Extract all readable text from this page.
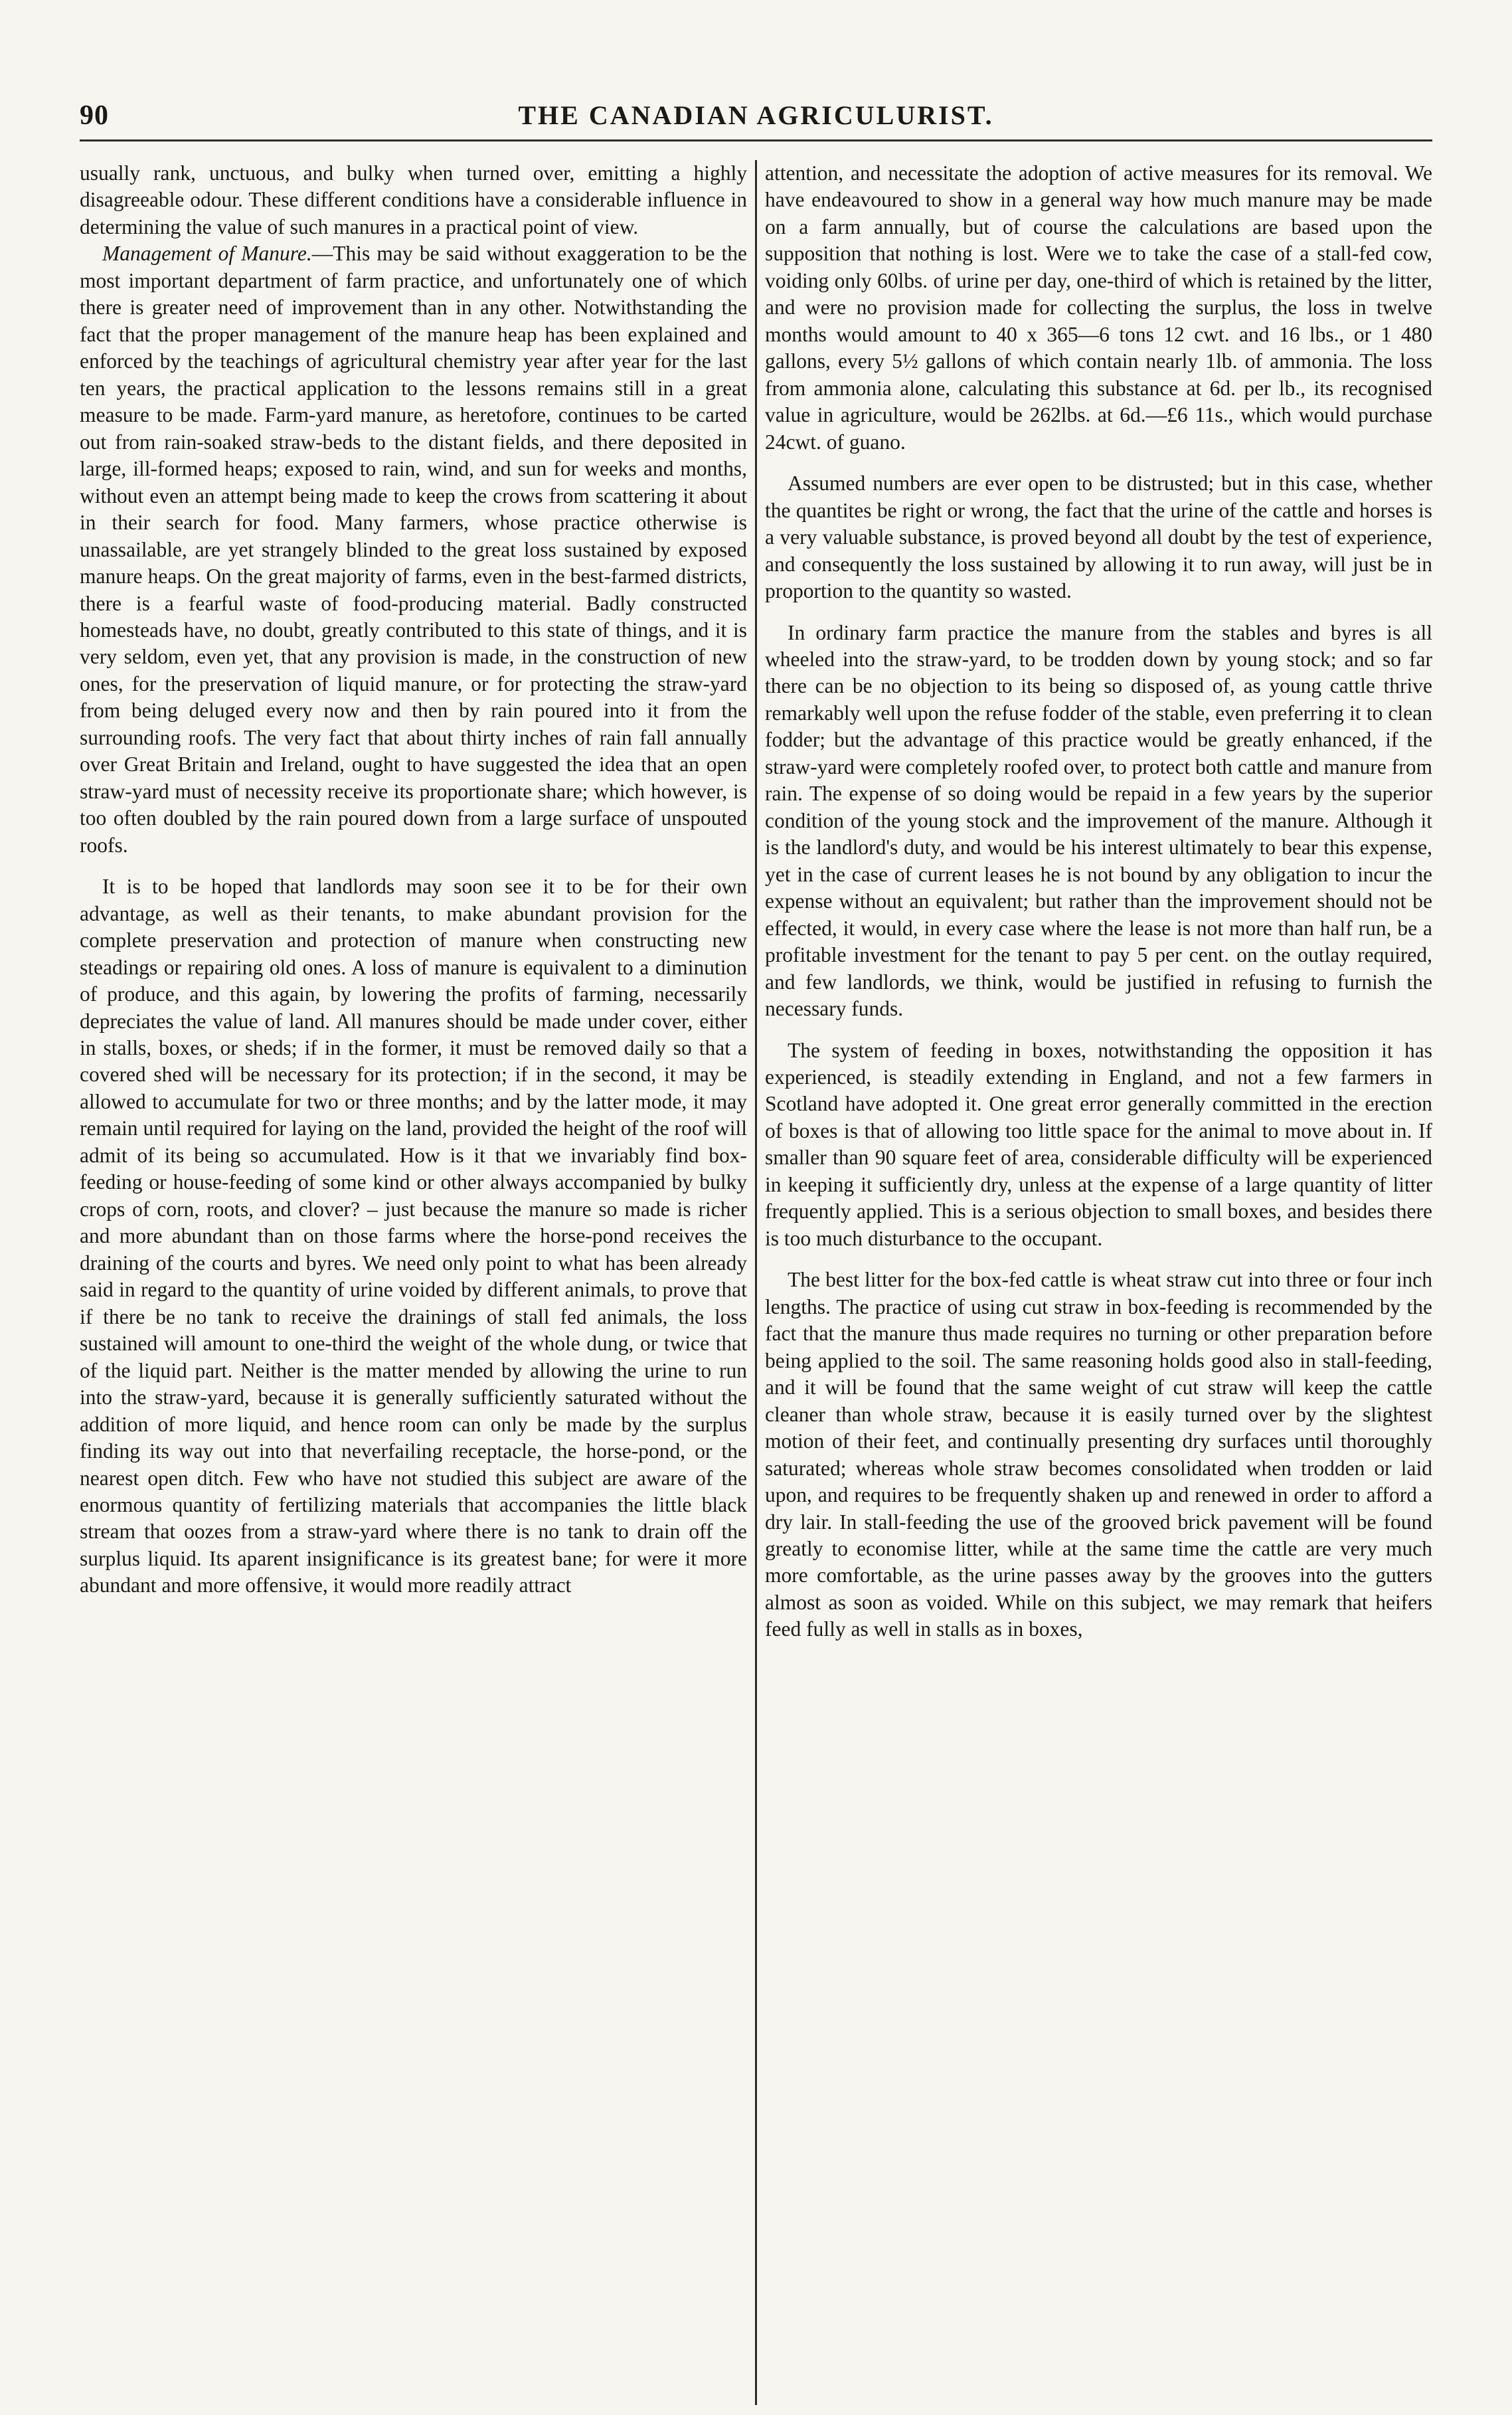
90	THE CANADIAN AGRICULURIST.

usually rank, unctuous, and bulky when turned over, emitting a highly disagreeable odour. These different conditions have a considerable influence in determining the value of such manures in a practical point of view.

Management of Manure.—This may be said without exaggeration to be the most important department of farm practice, and unfortunately one of which there is greater need of improvement than in any other. Notwithstanding the fact that the proper management of the manure heap has been explained and enforced by the teachings of agricultural chemistry year after year for the last ten years, the practical application to the lessons remains still in a great measure to be made. Farm-yard manure, as heretofore, continues to be carted out from rain-soaked straw-beds to the distant fields, and there deposited in large, ill-formed heaps; exposed to rain, wind, and sun for weeks and months, without even an attempt being made to keep the crows from scattering it about in their search for food. Many farmers, whose practice otherwise is unassailable, are yet strangely blinded to the great loss sustained by exposed manure heaps. On the great majority of farms, even in the best-farmed districts, there is a fearful waste of food-producing material. Badly constructed homesteads have, no doubt, greatly contributed to this state of things, and it is very seldom, even yet, that any provision is made, in the construction of new ones, for the preservation of liquid manure, or for protecting the straw-yard from being deluged every now and then by rain poured into it from the surrounding roofs. The very fact that about thirty inches of rain fall annually over Great Britain and Ireland, ought to have suggested the idea that an open straw-yard must of necessity receive its proportionate share; which however, is too often doubled by the rain poured down from a large surface of unspouted roofs.

It is to be hoped that landlords may soon see it to be for their own advantage, as well as their tenants, to make abundant provision for the complete preservation and protection of manure when constructing new steadings or repairing old ones. A loss of manure is equivalent to a diminution of produce, and this again, by lowering the profits of farming, necessarily depreciates the value of land. All manures should be made under cover, either in stalls, boxes, or sheds; if in the former, it must be removed daily so that a covered shed will be necessary for its protection; if in the second, it may be allowed to accumulate for two or three months; and by the latter mode, it may remain until required for laying on the land, provided the height of the roof will admit of its being so accumulated. How is it that we invariably find box-feeding or house-feeding of some kind or other always accompanied by bulky crops of corn, roots, and clover? – just because the manure so made is richer and more abundant than on those farms where the horse-pond receives the draining of the courts and byres. We need only point to what has been already said in regard to the quantity of urine voided by different animals, to prove that if there be no tank to receive the drainings of stall fed animals, the loss sustained will amount to one-third the weight of the whole dung, or twice that of the liquid part. Neither is the matter mended by allowing the urine to run into the straw-yard, because it is generally sufficiently saturated without the addition of more liquid, and hence room can only be made by the surplus finding its way out into that neverfailing receptacle, the horse-pond, or the nearest open ditch. Few who have not studied this subject are aware of the enormous quantity of fertilizing materials that accompanies the little black stream that oozes from a straw-yard where there is no tank to drain off the surplus liquid. Its aparent insignificance is its greatest bane; for were it more abundant and more offensive, it would more readily attract

attention, and necessitate the adoption of active measures for its removal. We have endeavoured to show in a general way how much manure may be made on a farm annually, but of course the calculations are based upon the supposition that nothing is lost. Were we to take the case of a stall-fed cow, voiding only 60lbs. of urine per day, one-third of which is retained by the litter, and were no provision made for collecting the surplus, the loss in twelve months would amount to 40 x 365—6 tons 12 cwt. and 16 lbs., or 1 480 gallons, every 5½ gallons of which contain nearly 1lb. of ammonia. The loss from ammonia alone, calculating this substance at 6d. per lb., its recognised value in agriculture, would be 262lbs. at 6d.—£6 11s., which would purchase 24cwt. of guano.

Assumed numbers are ever open to be distrusted; but in this case, whether the quantites be right or wrong, the fact that the urine of the cattle and horses is a very valuable substance, is proved beyond all doubt by the test of experience, and consequently the loss sustained by allowing it to run away, will just be in proportion to the quantity so wasted.

In ordinary farm practice the manure from the stables and byres is all wheeled into the straw-yard, to be trodden down by young stock; and so far there can be no objection to its being so disposed of, as young cattle thrive remarkably well upon the refuse fodder of the stable, even preferring it to clean fodder; but the advantage of this practice would be greatly enhanced, if the straw-yard were completely roofed over, to protect both cattle and manure from rain. The expense of so doing would be repaid in a few years by the superior condition of the young stock and the improvement of the manure. Although it is the landlord's duty, and would be his interest ultimately to bear this expense, yet in the case of current leases he is not bound by any obligation to incur the expense without an equivalent; but rather than the improvement should not be effected, it would, in every case where the lease is not more than half run, be a profitable investment for the tenant to pay 5 per cent. on the outlay required, and few landlords, we think, would be justified in refusing to furnish the necessary funds.

The system of feeding in boxes, notwithstanding the opposition it has experienced, is steadily extending in England, and not a few farmers in Scotland have adopted it. One great error generally committed in the erection of boxes is that of allowing too little space for the animal to move about in. If smaller than 90 square feet of area, considerable difficulty will be experienced in keeping it sufficiently dry, unless at the expense of a large quantity of litter frequently applied. This is a serious objection to small boxes, and besides there is too much disturbance to the occupant.

The best litter for the box-fed cattle is wheat straw cut into three or four inch lengths. The practice of using cut straw in box-feeding is recommended by the fact that the manure thus made requires no turning or other preparation before being applied to the soil. The same reasoning holds good also in stall-feeding, and it will be found that the same weight of cut straw will keep the cattle cleaner than whole straw, because it is easily turned over by the slightest motion of their feet, and continually presenting dry surfaces until thoroughly saturated; whereas whole straw becomes consolidated when trodden or laid upon, and requires to be frequently shaken up and renewed in order to afford a dry lair. In stall-feeding the use of the grooved brick pavement will be found greatly to economise litter, while at the same time the cattle are very much more comfortable, as the urine passes away by the grooves into the gutters almost as soon as voided. While on this subject, we may remark that heifers feed fully as well in stalls as in boxes,
